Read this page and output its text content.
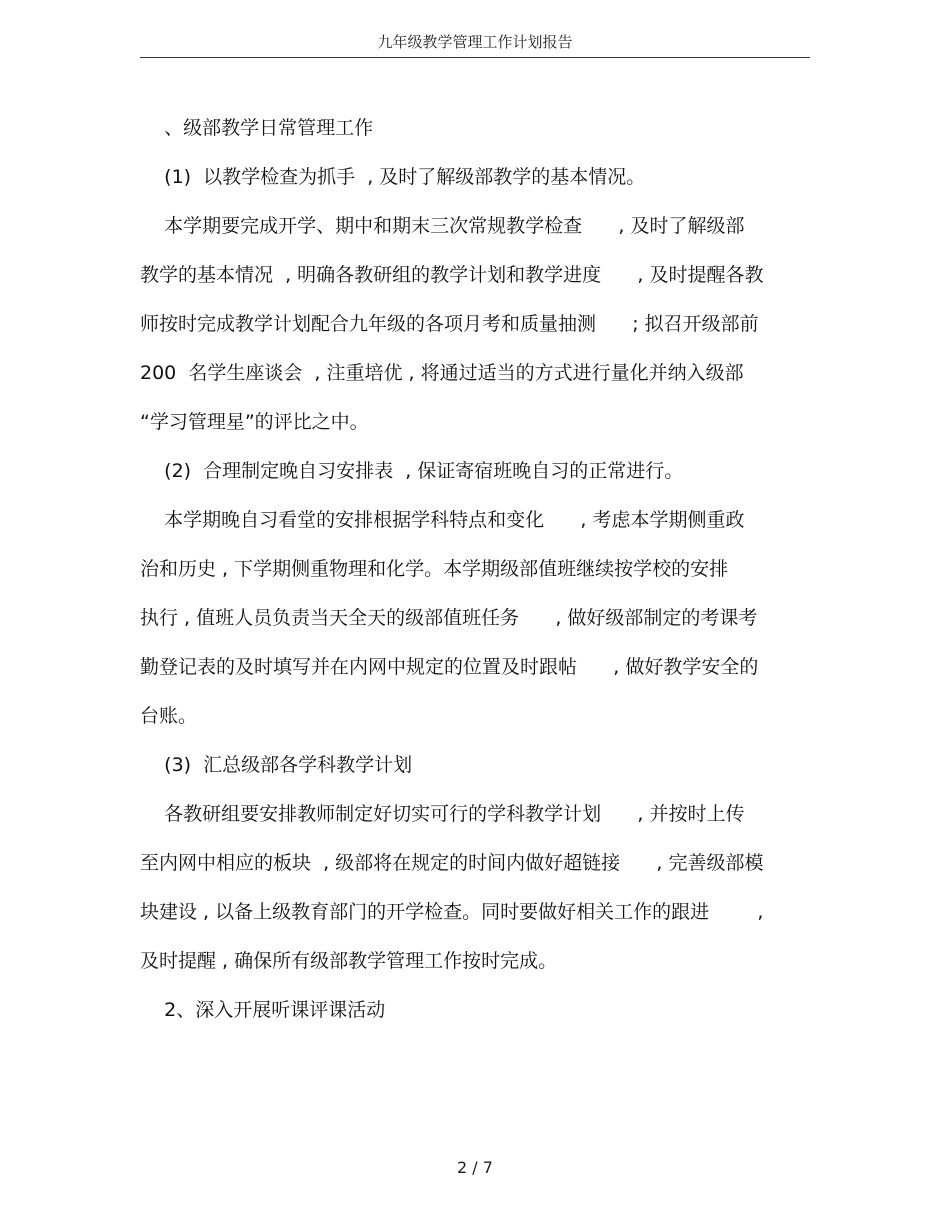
九年级教学管理工作计划报告

、级部教学日常管理工作

(1)  以教学检查为抓手  , 及时了解级部教学的基本情况。

本学期要完成开学、期中和期末三次常规教学检查      , 及时了解级部

教学的基本情况  , 明确各教研组的教学计划和教学进度      , 及时提醒各教

师按时完成教学计划配合九年级的各项月考和质量抽测      ; 拟召开级部前

200  名学生座谈会  , 注重培优 , 将通过适当的方式进行量化并纳入级部

“学习管理星”的评比之中。

(2)  合理制定晚自习安排表  , 保证寄宿班晚自习的正常进行。

本学期晚自习看堂的安排根据学科特点和变化      , 考虑本学期侧重政

治和历史 , 下学期侧重物理和化学。本学期级部值班继续按学校的安排

执行 , 值班人员负责当天全天的级部值班任务      , 做好级部制定的考课考

勤登记表的及时填写并在内网中规定的位置及时跟帖      , 做好教学安全的

台账。

(3)  汇总级部各学科教学计划

各教研组要安排教师制定好切实可行的学科教学计划      , 并按时上传

至内网中相应的板块  , 级部将在规定的时间内做好超链接      , 完善级部模

块建设 , 以备上级教育部门的开学检查。同时要做好相关工作的跟进        ,

及时提醒 , 确保所有级部教学管理工作按时完成。

2、深入开展听课评课活动

2 / 7
